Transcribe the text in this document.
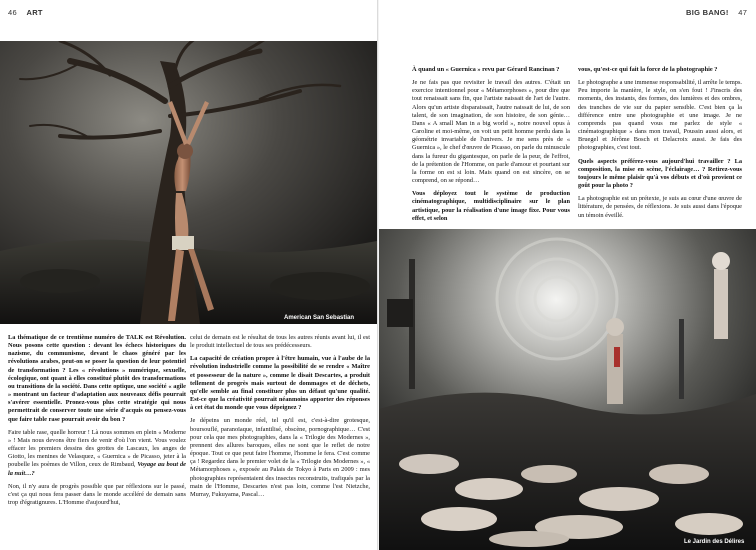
46 ART
American San Sebastian

La thématique de ce trentième numéro de TALK est Révolution. Nous posons cette question : devant les échecs historiques du nazisme, du communisme, devant le chaos généré par les révolutions arabes, peut-on se poser la question de leur potentiel de transformation ? Les « révolutions » numérique, sexuelle, écologique, ont quant à elles constitué plutôt des transformations ou transitions de la société. Dans cette optique, une société « agile » montrant un facteur d'adaptation aux nouveaux défis pourrait s'avérer essentielle. Pronez-vous plus cette stratégie qui nous permettrait de conserver toute une série d'acquis ou pensez-vous que faire table rase pourrait avoir du bon ?

Faire table rase, quelle horreur ! Là nous sommes en plein « Moderne » ! Mais nous devons être fiers de venir d'où l'on vient. Vous voulez effacer les premiers dessins des grottes de Lascaux, les anges de Giotto, les menines de Velasquez, « Guernica » de Picasso, jeter à la poubelle les poèmes de Villon, ceux de Rimbaud, Voyage au bout de la nuit…?

Non, il n'y aura de progrès possible que par réflexions sur le passé, c'est ça qui nous fera passer dans le monde accéléré de demain sans trop d'égratignures. L'Homme d'aujourd'hui,

celui de demain est le résultat de tous les autres réunis avant lui, il est le produit intellectuel de tous ses prédécesseurs.

La capacité de création propre à l'être humain, vue à l'aube de la révolution industrielle comme la possibilité de se rendre « Maître et possesseur de la nature », comme le disait Descartes, a produit tellement de progrès mais surtout de dommages et de déchets, qu'elle semble au final constituer plus un défaut qu'une qualité. Est-ce que la créativité pourrait néanmoins apporter des réponses à cet état du monde que vous dépeignez ?

Je dépeins un monde réel, tel qu'il est, c'est-à-dire grotesque, boursouflé, paranoïaque, infantilisé, obscène, pornographique… C'est pour cela que mes photographies, dans la « Trilogie des Modernes », prennent des allures baroques, elles ne sont que le reflet de notre époque. Tout ce que peut faire l'homme, l'homme le fera. C'est comme ça ! Regardez dans le premier volet de la « Trilogie des Modernes », « Métamorphoses », exposée au Palais de Tokyo à Paris en 2009 : mes photographies représentaient des insectes reconstruits, trafiqués par la main de l'Homme, Descartes n'est pas loin, comme l'est Nietzche, Murray, Fukuyama, Pascal…

BIG BANG! 47

À quand un « Guernica » revu par Gérard Rancinan ?

Je ne fais pas que revisiter le travail des autres. C'était un exercice intentionnel pour « Métamorphoses », pour dire que tout renaissait sans fin, que l'artiste naissait de l'art de l'autre. Alors qu'un artiste disparaissait, l'autre naissait de lui, de son talent, de son imagination, de son histoire, de son génie… Dans « A small Man in a big world », notre nouvel opus à Caroline et moi-même, on voit un petit homme perdu dans la géométrie invariable de l'univers. Je me sens près de « Guernica », le chef d'œuvre de Picasso, on parle du minuscule dans la fureur du gigantesque, on parle de la peur, de l'effroi, de la prétention de l'Homme, on parle d'amour et pourtant sur la forme on est si loin. Mais quand on est sincère, on se comprend, on se répond…

Vous déployez tout le système de production cinématographique, multidisciplinaire sur le plan artistique, pour la réalisation d'une image fixe. Pour vous effet, et selon

vous, qu'est-ce qui fait la force de la photographie ?

Le photographe a une immense responsabilité, il arrête le temps. Peu importe la manière, le style, on s'en fout ! J'inscris des moments, des instants, des formes, des lumières et des ombres, des tranches de vie sur du papier sensible. C'est bien ça la différence entre une photographie et une image. Je ne comprends pas quand vous me parlez de style « cinématographique » dans mon travail, Poussin aussi alors, et Bruegel et Jérôme Bosch et Delacroix aussi. Je fais des photographies, c'est tout.

Quels aspects préférez-vous aujourd'hui travailler ? La composition, la mise en scène, l'éclairage… ? Retirez-vous toujours le même plaisir qu'à vos débuts et d'où provient ce goût pour la photo ?

La photographie est un prétexte, je suis au cœur d'une œuvre de littérature, de pensées, de réflexions. Je suis aussi dans l'époque un témoin éveillé.

Le Jardin des Délires
